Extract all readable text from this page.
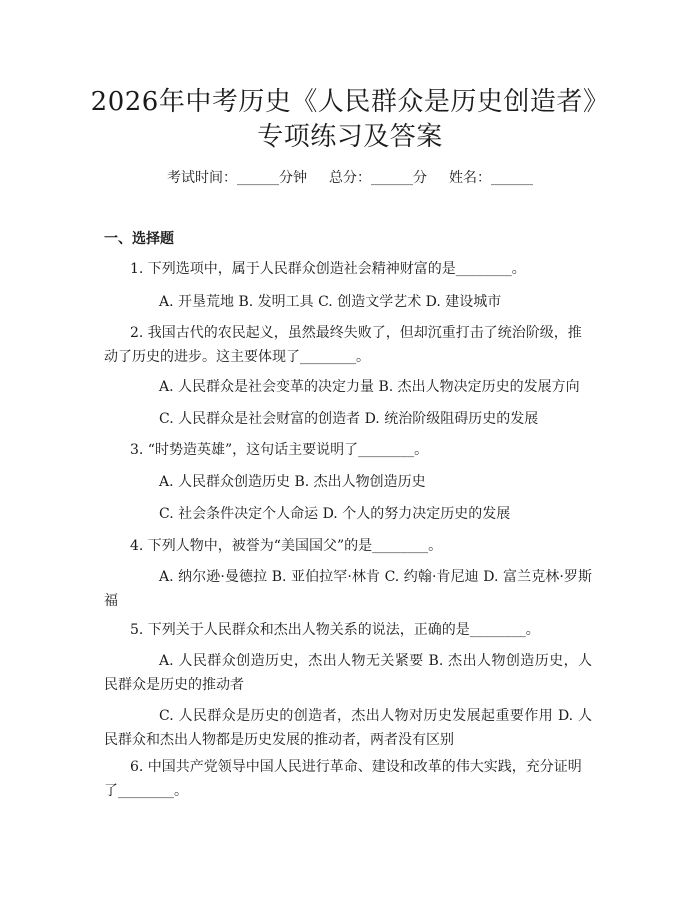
2026年中考历史《人民群众是历史创造者》
专项练习及答案
考试时间：______分钟 总分：______分 姓名：______
一、选择题
1. 下列选项中，属于人民群众创造社会精神财富的是________。
A. 开垦荒地 B. 发明工具 C. 创造文学艺术 D. 建设城市
2. 我国古代的农民起义，虽然最终失败了，但却沉重打击了统治阶级，推动了历史的进步。这主要体现了________。
A. 人民群众是社会变革的决定力量 B. 杰出人物决定历史的发展方向
C. 人民群众是社会财富的创造者 D. 统治阶级阻碍历史的发展
3. “时势造英雄”，这句话主要说明了________。
A. 人民群众创造历史 B. 杰出人物创造历史
C. 社会条件决定个人命运 D. 个人的努力决定历史的发展
4. 下列人物中，被誉为“美国国父”的是________。
A. 纳尔逊·曼德拉 B. 亚伯拉罕·林肯 C. 约翰·肯尼迪 D. 富兰克林·罗斯福
5. 下列关于人民群众和杰出人物关系的说法，正确的是________。
A. 人民群众创造历史，杰出人物无关紧要 B. 杰出人物创造历史，人民群众是历史的推动者
C. 人民群众是历史的创造者，杰出人物对历史发展起重要作用 D. 人民群众和杰出人物都是历史发展的推动者，两者没有区别
6. 中国共产党领导中国人民进行革命、建设和改革的伟大实践，充分证明了________。
